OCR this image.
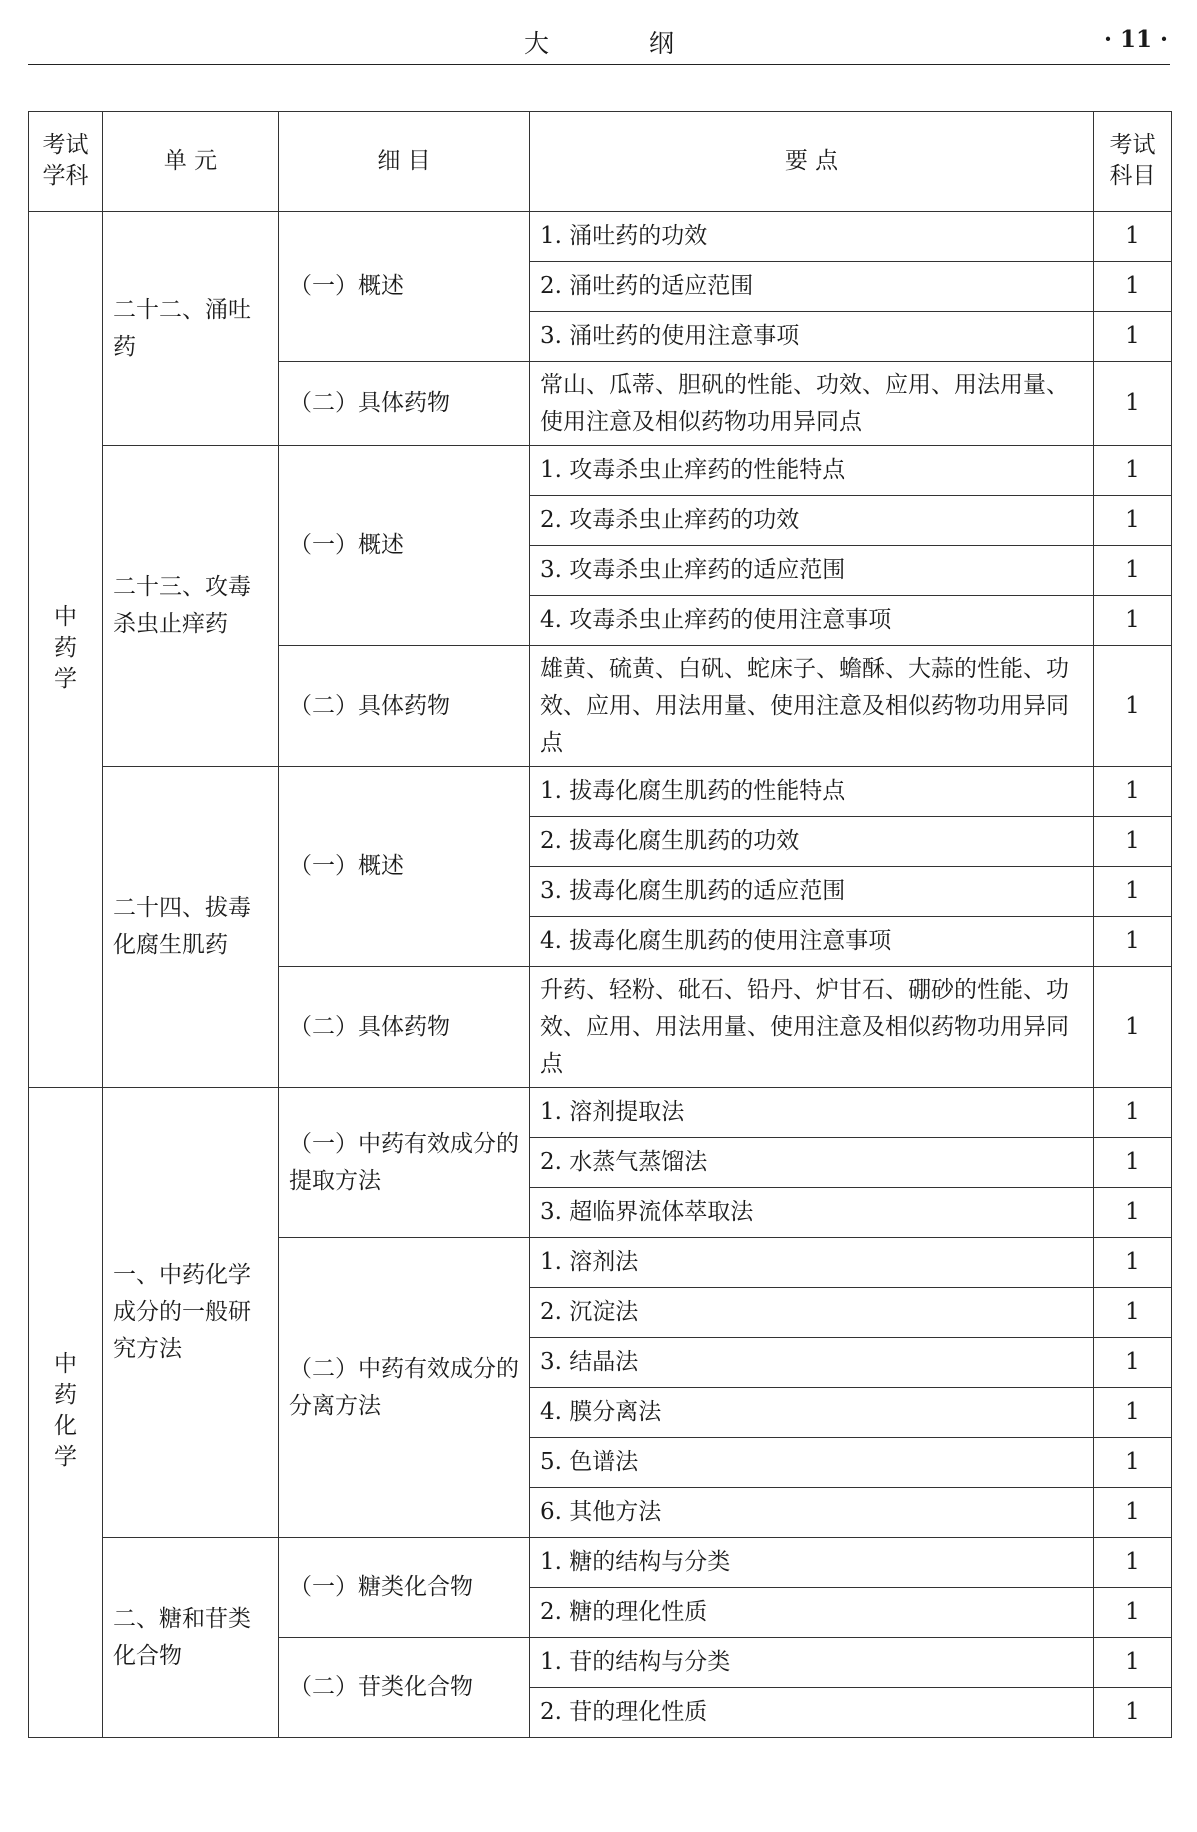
大 纲	· 11 ·
考试学科	单 元	细 目	要 点	考试科目
中药学	二十二、涌吐药	（一）概述	1. 涌吐药的功效	1
			2. 涌吐药的适应范围	1
			3. 涌吐药的使用注意事项	1
		（二）具体药物	常山、瓜蒂、胆矾的性能、功效、应用、用法用量、使用注意及相似药物功用异同点	1
	二十三、攻毒杀虫止痒药	（一）概述	1. 攻毒杀虫止痒药的性能特点	1
			2. 攻毒杀虫止痒药的功效	1
			3. 攻毒杀虫止痒药的适应范围	1
			4. 攻毒杀虫止痒药的使用注意事项	1
		（二）具体药物	雄黄、硫黄、白矾、蛇床子、蟾酥、大蒜的性能、功效、应用、用法用量、使用注意及相似药物功用异同点	1
	二十四、拔毒化腐生肌药	（一）概述	1. 拔毒化腐生肌药的性能特点	1
			2. 拔毒化腐生肌药的功效	1
			3. 拔毒化腐生肌药的适应范围	1
			4. 拔毒化腐生肌药的使用注意事项	1
		（二）具体药物	升药、轻粉、砒石、铅丹、炉甘石、硼砂的性能、功效、应用、用法用量、使用注意及相似药物功用异同点	1
中药化学	一、中药化学成分的一般研究方法	（一）中药有效成分的提取方法	1. 溶剂提取法	1
			2. 水蒸气蒸馏法	1
			3. 超临界流体萃取法	1
		（二）中药有效成分的分离方法	1. 溶剂法	1
			2. 沉淀法	1
			3. 结晶法	1
			4. 膜分离法	1
			5. 色谱法	1
			6. 其他方法	1
	二、糖和苷类化合物	（一）糖类化合物	1. 糖的结构与分类	1
			2. 糖的理化性质	1
		（二）苷类化合物	1. 苷的结构与分类	1
			2. 苷的理化性质	1
